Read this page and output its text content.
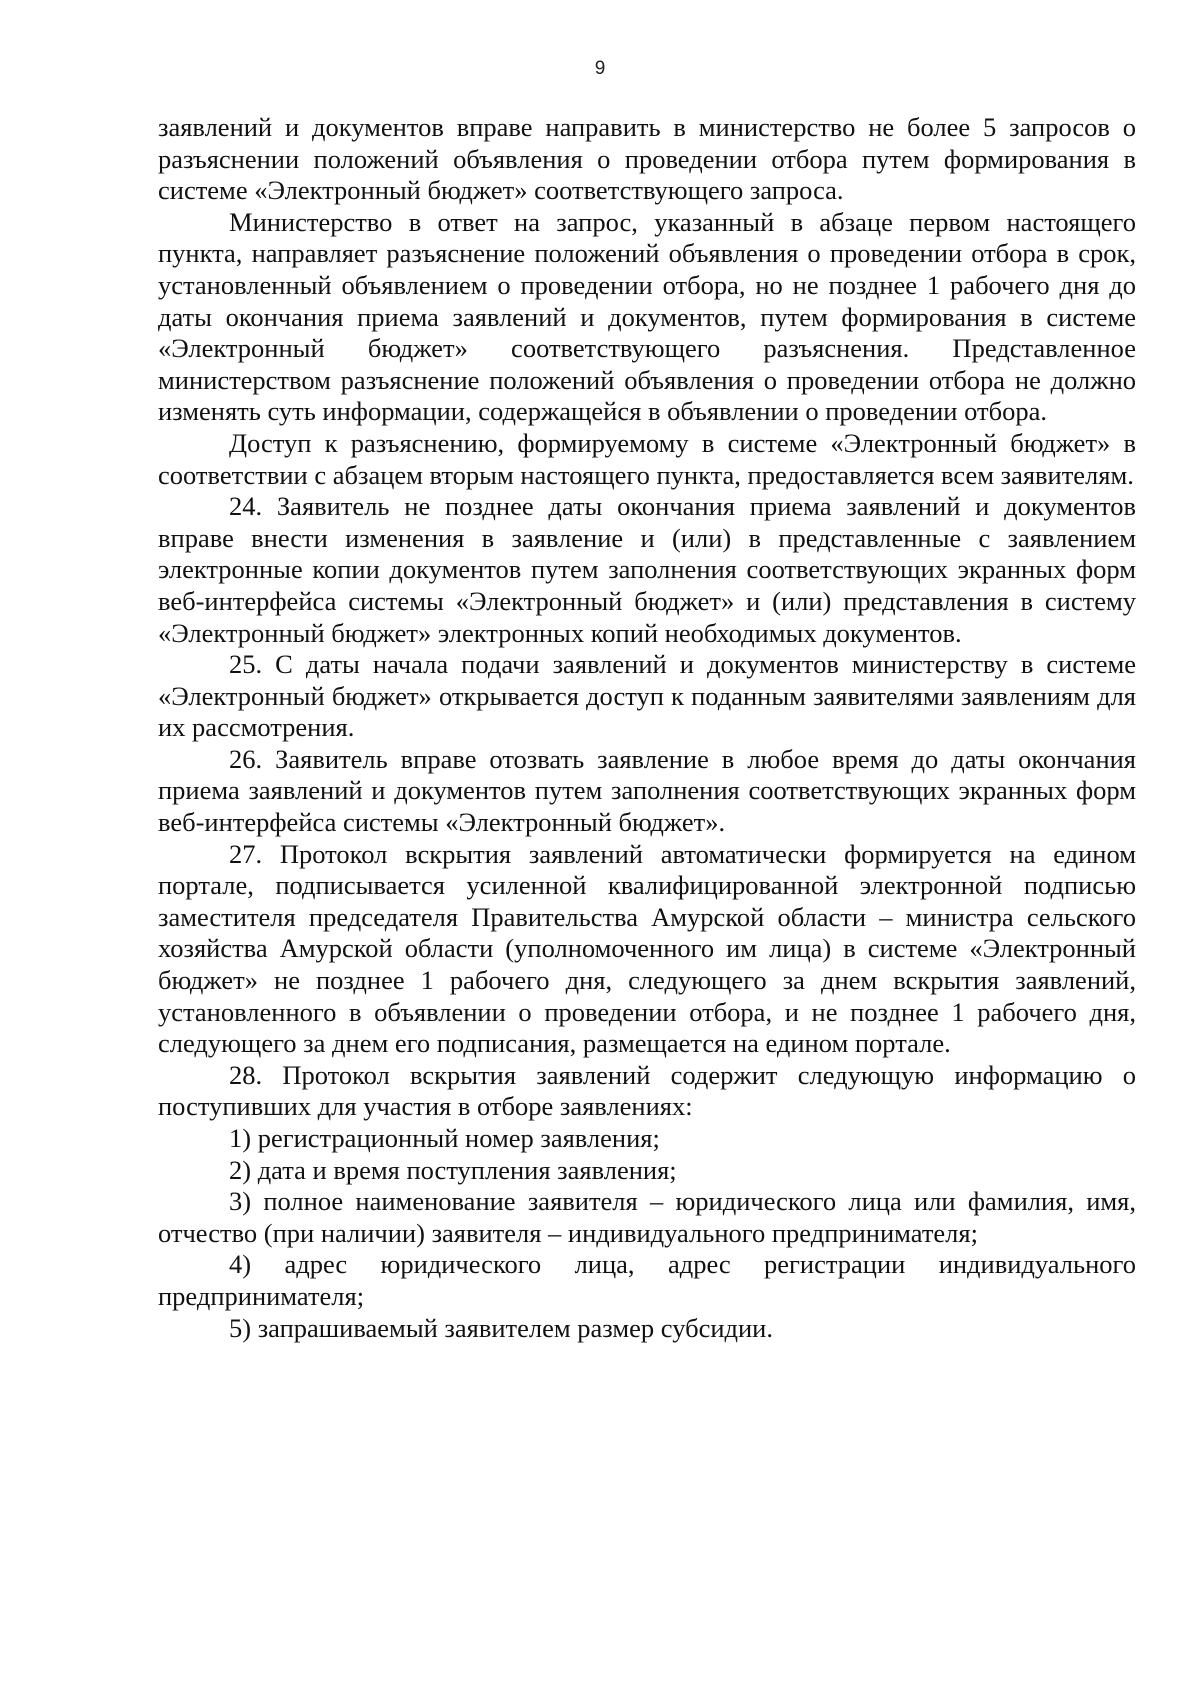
9

заявлений и документов вправе направить в министерство не более 5 запросов о разъяснении положений объявления о проведении отбора путем формирования в системе «Электронный бюджет» соответствующего запроса.

Министерство в ответ на запрос, указанный в абзаце первом настоящего пункта, направляет разъяснение положений объявления о проведении отбора в срок, установленный объявлением о проведении отбора, но не позднее 1 рабочего дня до даты окончания приема заявлений и документов, путем формирования в системе «Электронный бюджет» соответствующего разъяснения. Представленное министерством разъяснение положений объявления о проведении отбора не должно изменять суть информации, содержащейся в объявлении о проведении отбора.

Доступ к разъяснению, формируемому в системе «Электронный бюджет» в соответствии с абзацем вторым настоящего пункта, предоставляется всем заявителям.

24. Заявитель не позднее даты окончания приема заявлений и документов вправе внести изменения в заявление и (или) в представленные с заявлением электронные копии документов путем заполнения соответствующих экранных форм веб-интерфейса системы «Электронный бюджет» и (или) представления в систему «Электронный бюджет» электронных копий необходимых документов.

25. С даты начала подачи заявлений и документов министерству в системе «Электронный бюджет» открывается доступ к поданным заявителями заявлениям для их рассмотрения.

26. Заявитель вправе отозвать заявление в любое время до даты окончания приема заявлений и документов путем заполнения соответствующих экранных форм веб-интерфейса системы «Электронный бюджет».

27. Протокол вскрытия заявлений автоматически формируется на едином портале, подписывается усиленной квалифицированной электронной подписью заместителя председателя Правительства Амурской области – министра сельского хозяйства Амурской области (уполномоченного им лица) в системе «Электронный бюджет» не позднее 1 рабочего дня, следующего за днем вскрытия заявлений, установленного в объявлении о проведении отбора, и не позднее 1 рабочего дня, следующего за днем его подписания, размещается на едином портале.

28. Протокол вскрытия заявлений содержит следующую информацию о поступивших для участия в отборе заявлениях:

1) регистрационный номер заявления;

2) дата и время поступления заявления;

3) полное наименование заявителя – юридического лица или фамилия, имя, отчество (при наличии) заявителя – индивидуального предпринимателя;

4) адрес юридического лица, адрес регистрации индивидуального предпринимателя;

5) запрашиваемый заявителем размер субсидии.
